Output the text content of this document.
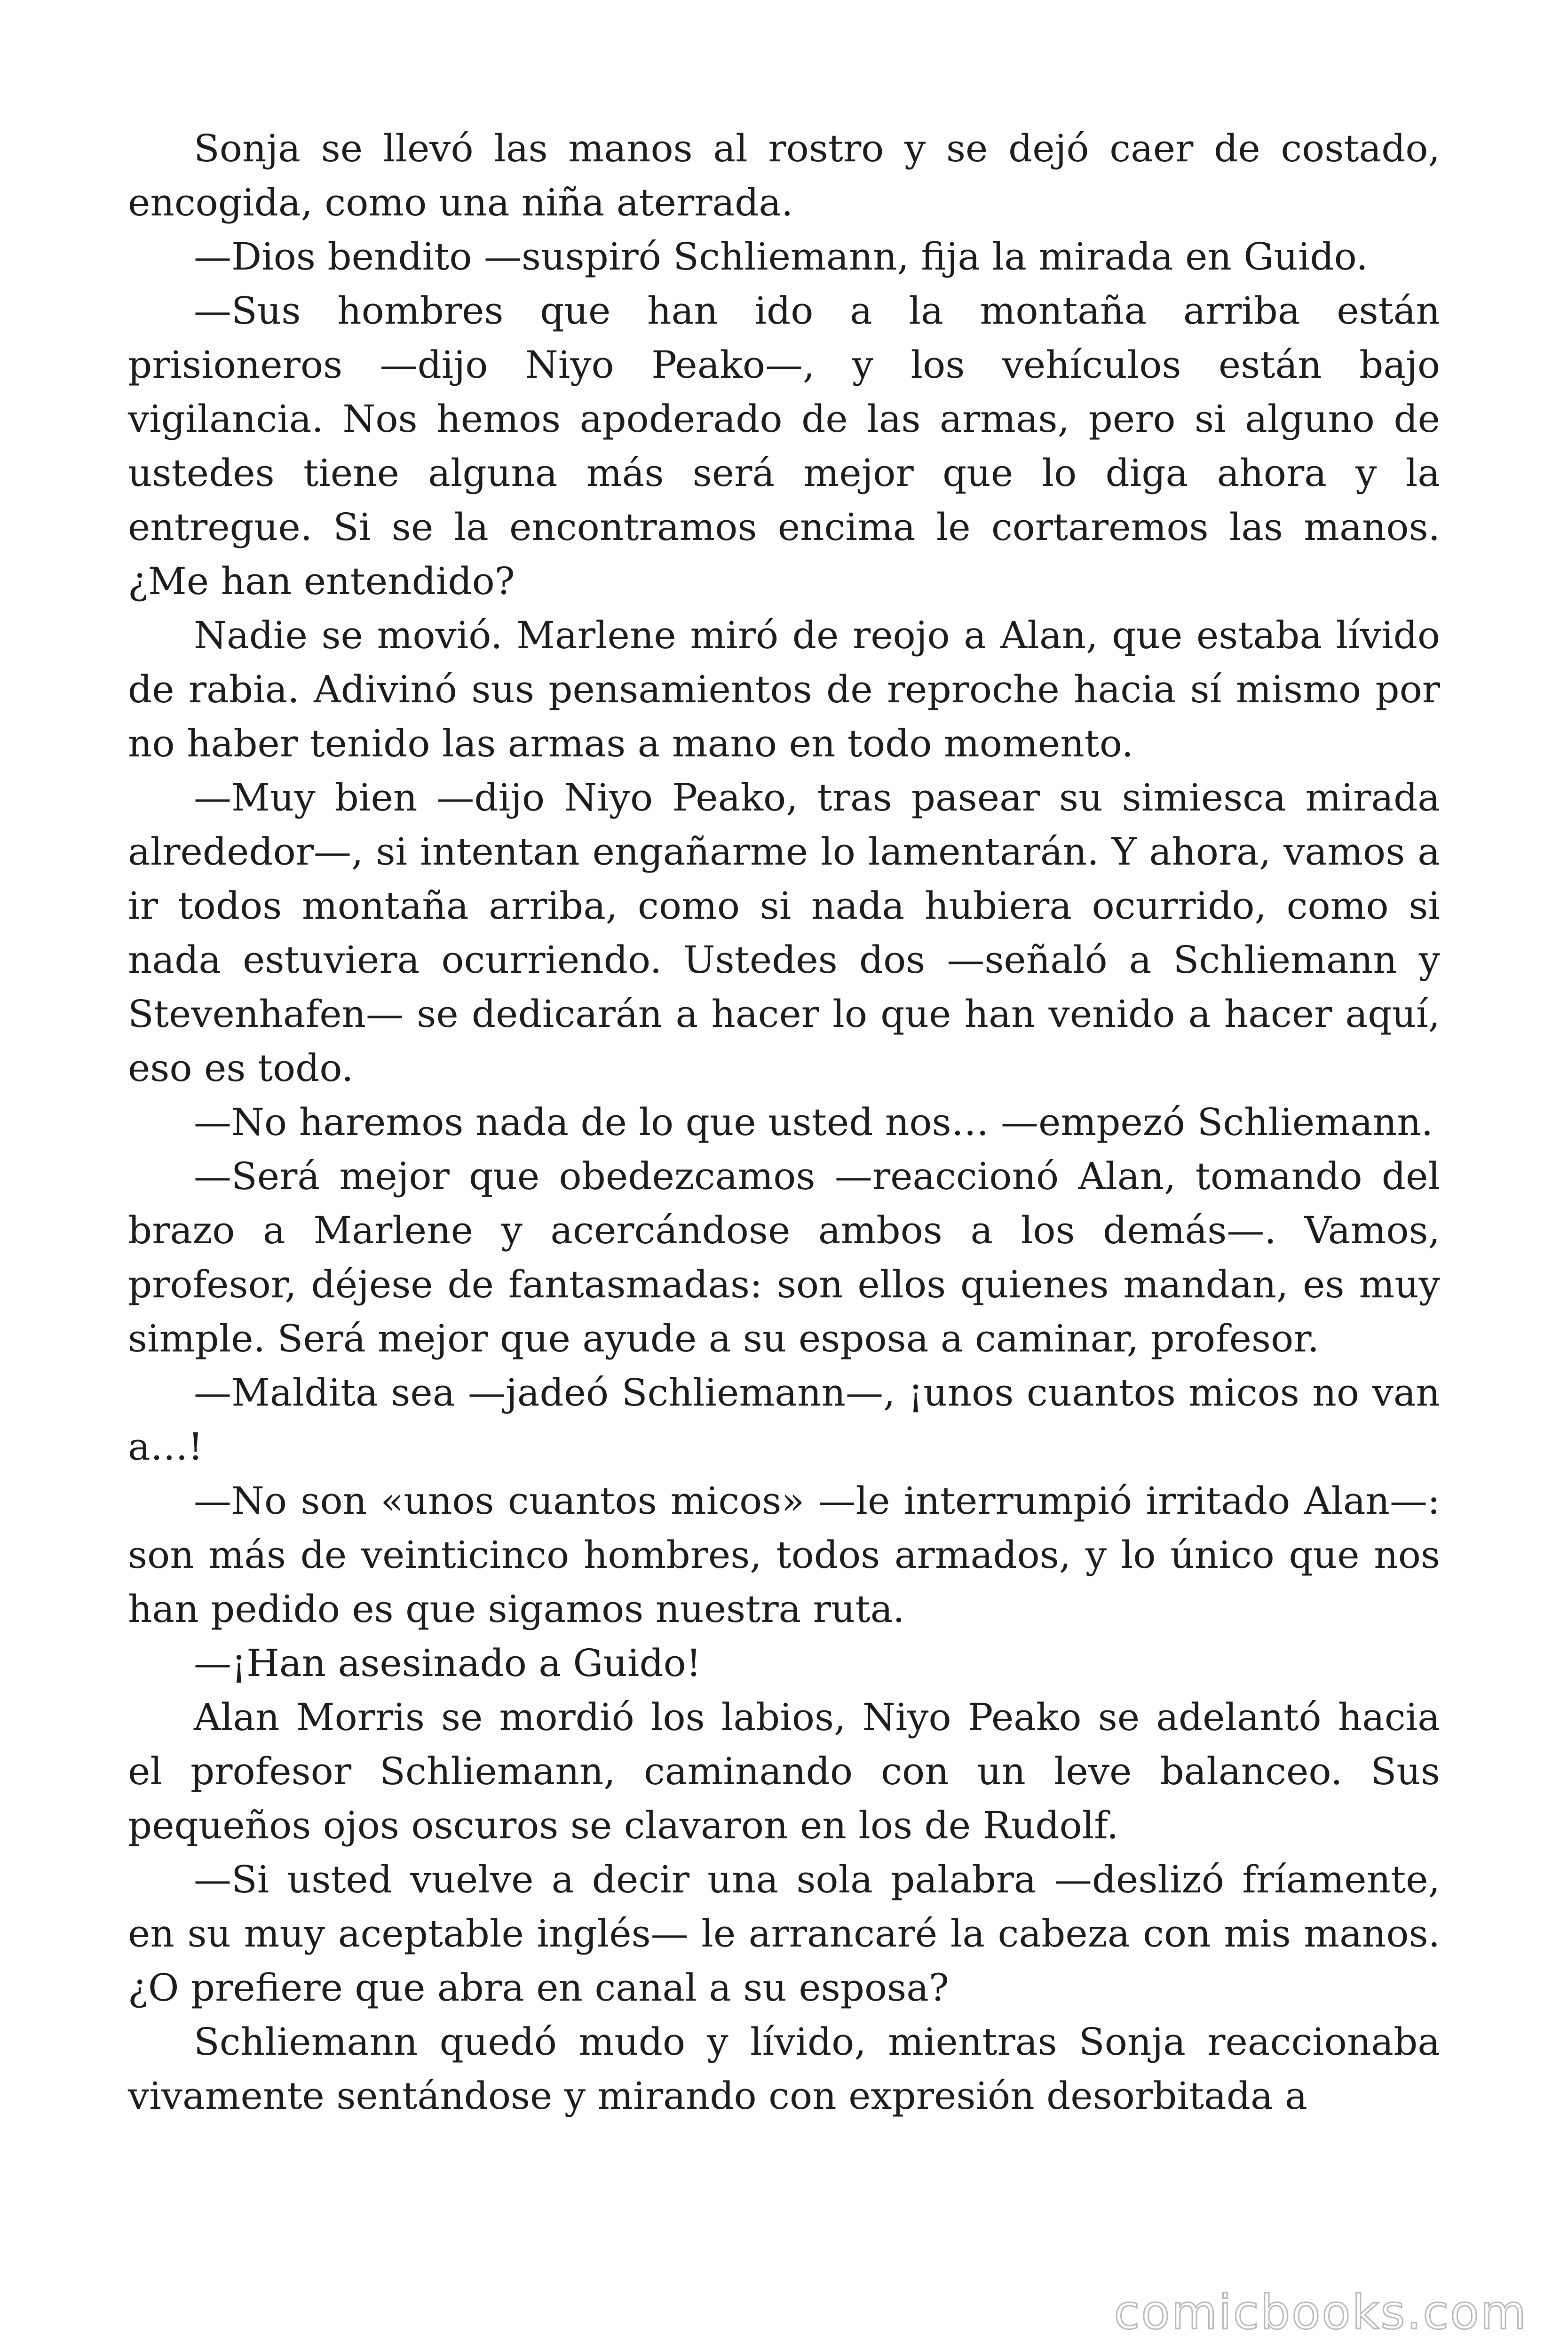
Sonja se llevó las manos al rostro y se dejó caer de costado, encogida, como una niña aterrada.

—Dios bendito —suspiró Schliemann, fija la mirada en Guido.

—Sus hombres que han ido a la montaña arriba están prisioneros —dijo Niyo Peako—, y los vehículos están bajo vigilancia. Nos hemos apoderado de las armas, pero si alguno de ustedes tiene alguna más será mejor que lo diga ahora y la entregue. Si se la encontramos encima le cortaremos las manos. ¿Me han entendido?

Nadie se movió. Marlene miró de reojo a Alan, que estaba lívido de rabia. Adivinó sus pensamientos de reproche hacia sí mismo por no haber tenido las armas a mano en todo momento.

—Muy bien —dijo Niyo Peako, tras pasear su simiesca mirada alrededor—, si intentan engañarme lo lamentarán. Y ahora, vamos a ir todos montaña arriba, como si nada hubiera ocurrido, como si nada estuviera ocurriendo. Ustedes dos —señaló a Schliemann y Stevenhafen— se dedicarán a hacer lo que han venido a hacer aquí, eso es todo.

—No haremos nada de lo que usted nos… —empezó Schliemann.

—Será mejor que obedezcamos —reaccionó Alan, tomando del brazo a Marlene y acercándose ambos a los demás—. Vamos, profesor, déjese de fantasmadas: son ellos quienes mandan, es muy simple. Será mejor que ayude a su esposa a caminar, profesor.

—Maldita sea —jadeó Schliemann—, ¡unos cuantos micos no van a…!

—No son «unos cuantos micos» —le interrumpió irritado Alan—: son más de veinticinco hombres, todos armados, y lo único que nos han pedido es que sigamos nuestra ruta.

—¡Han asesinado a Guido!

Alan Morris se mordió los labios, Niyo Peako se adelantó hacia el profesor Schliemann, caminando con un leve balanceo. Sus pequeños ojos oscuros se clavaron en los de Rudolf.

—Si usted vuelve a decir una sola palabra —deslizó fríamente, en su muy aceptable inglés— le arrancaré la cabeza con mis manos. ¿O prefiere que abra en canal a su esposa?

Schliemann quedó mudo y lívido, mientras Sonja reaccionaba vivamente sentándose y mirando con expresión desorbitada a

comicbooks.com
